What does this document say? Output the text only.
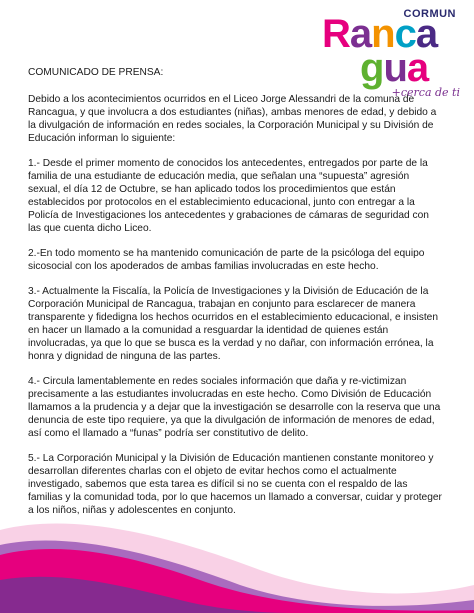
CORMUN
Ranca
gua
+cerca de ti

COMUNICADO DE PRENSA:

Debido a los acontecimientos ocurridos en el Liceo Jorge Alessandri de la comuna de Rancagua, y que involucra a dos estudiantes (niñas), ambas menores de edad, y debido a la divulgación de información en redes sociales, la Corporación Municipal y su División de Educación informan lo siguiente:

1.- Desde el primer momento de conocidos los antecedentes, entregados por parte de la familia de una estudiante de educación media, que señalan una “supuesta” agresión sexual, el día 12 de Octubre, se han aplicado todos los procedimientos que están establecidos por protocolos en el establecimiento educacional, junto con entregar a la Policía de Investigaciones los antecedentes y grabaciones de cámaras de seguridad con las que cuenta dicho Liceo.

2.-En todo momento se ha mantenido comunicación de parte de la psicóloga del equipo sicosocial con los apoderados de ambas familias involucradas en este hecho.

3.- Actualmente la Fiscalía, la Policía de Investigaciones y la División de Educación de la Corporación Municipal de Rancagua, trabajan en conjunto para esclarecer de manera transparente y fidedigna los hechos ocurridos en el establecimiento educacional, e insisten en hacer un llamado a la comunidad a resguardar la identidad de quienes están involucradas, ya que lo que se busca es la verdad y no dañar, con información errónea, la honra y dignidad de ninguna de las partes.

4.- Circula lamentablemente en redes sociales información que daña y re-victimizan precisamente a las estudiantes involucradas en este hecho. Como División de Educación llamamos a la prudencia y a dejar que la investigación se desarrolle con la reserva que una denuncia de este tipo requiere, ya que la divulgación de información de menores de edad, así como el llamado a “funas” podría ser constitutivo de delito.

5.- La Corporación Municipal y la División de Educación mantienen constante monitoreo y desarrollan diferentes charlas con el objeto de evitar hechos como el actualmente investigado, sabemos que esta tarea es difícil si no se cuenta con el respaldo de las familias y la comunidad toda, por lo que hacemos un llamado a conversar, cuidar y proteger a los niños, niñas y adolescentes en conjunto.
